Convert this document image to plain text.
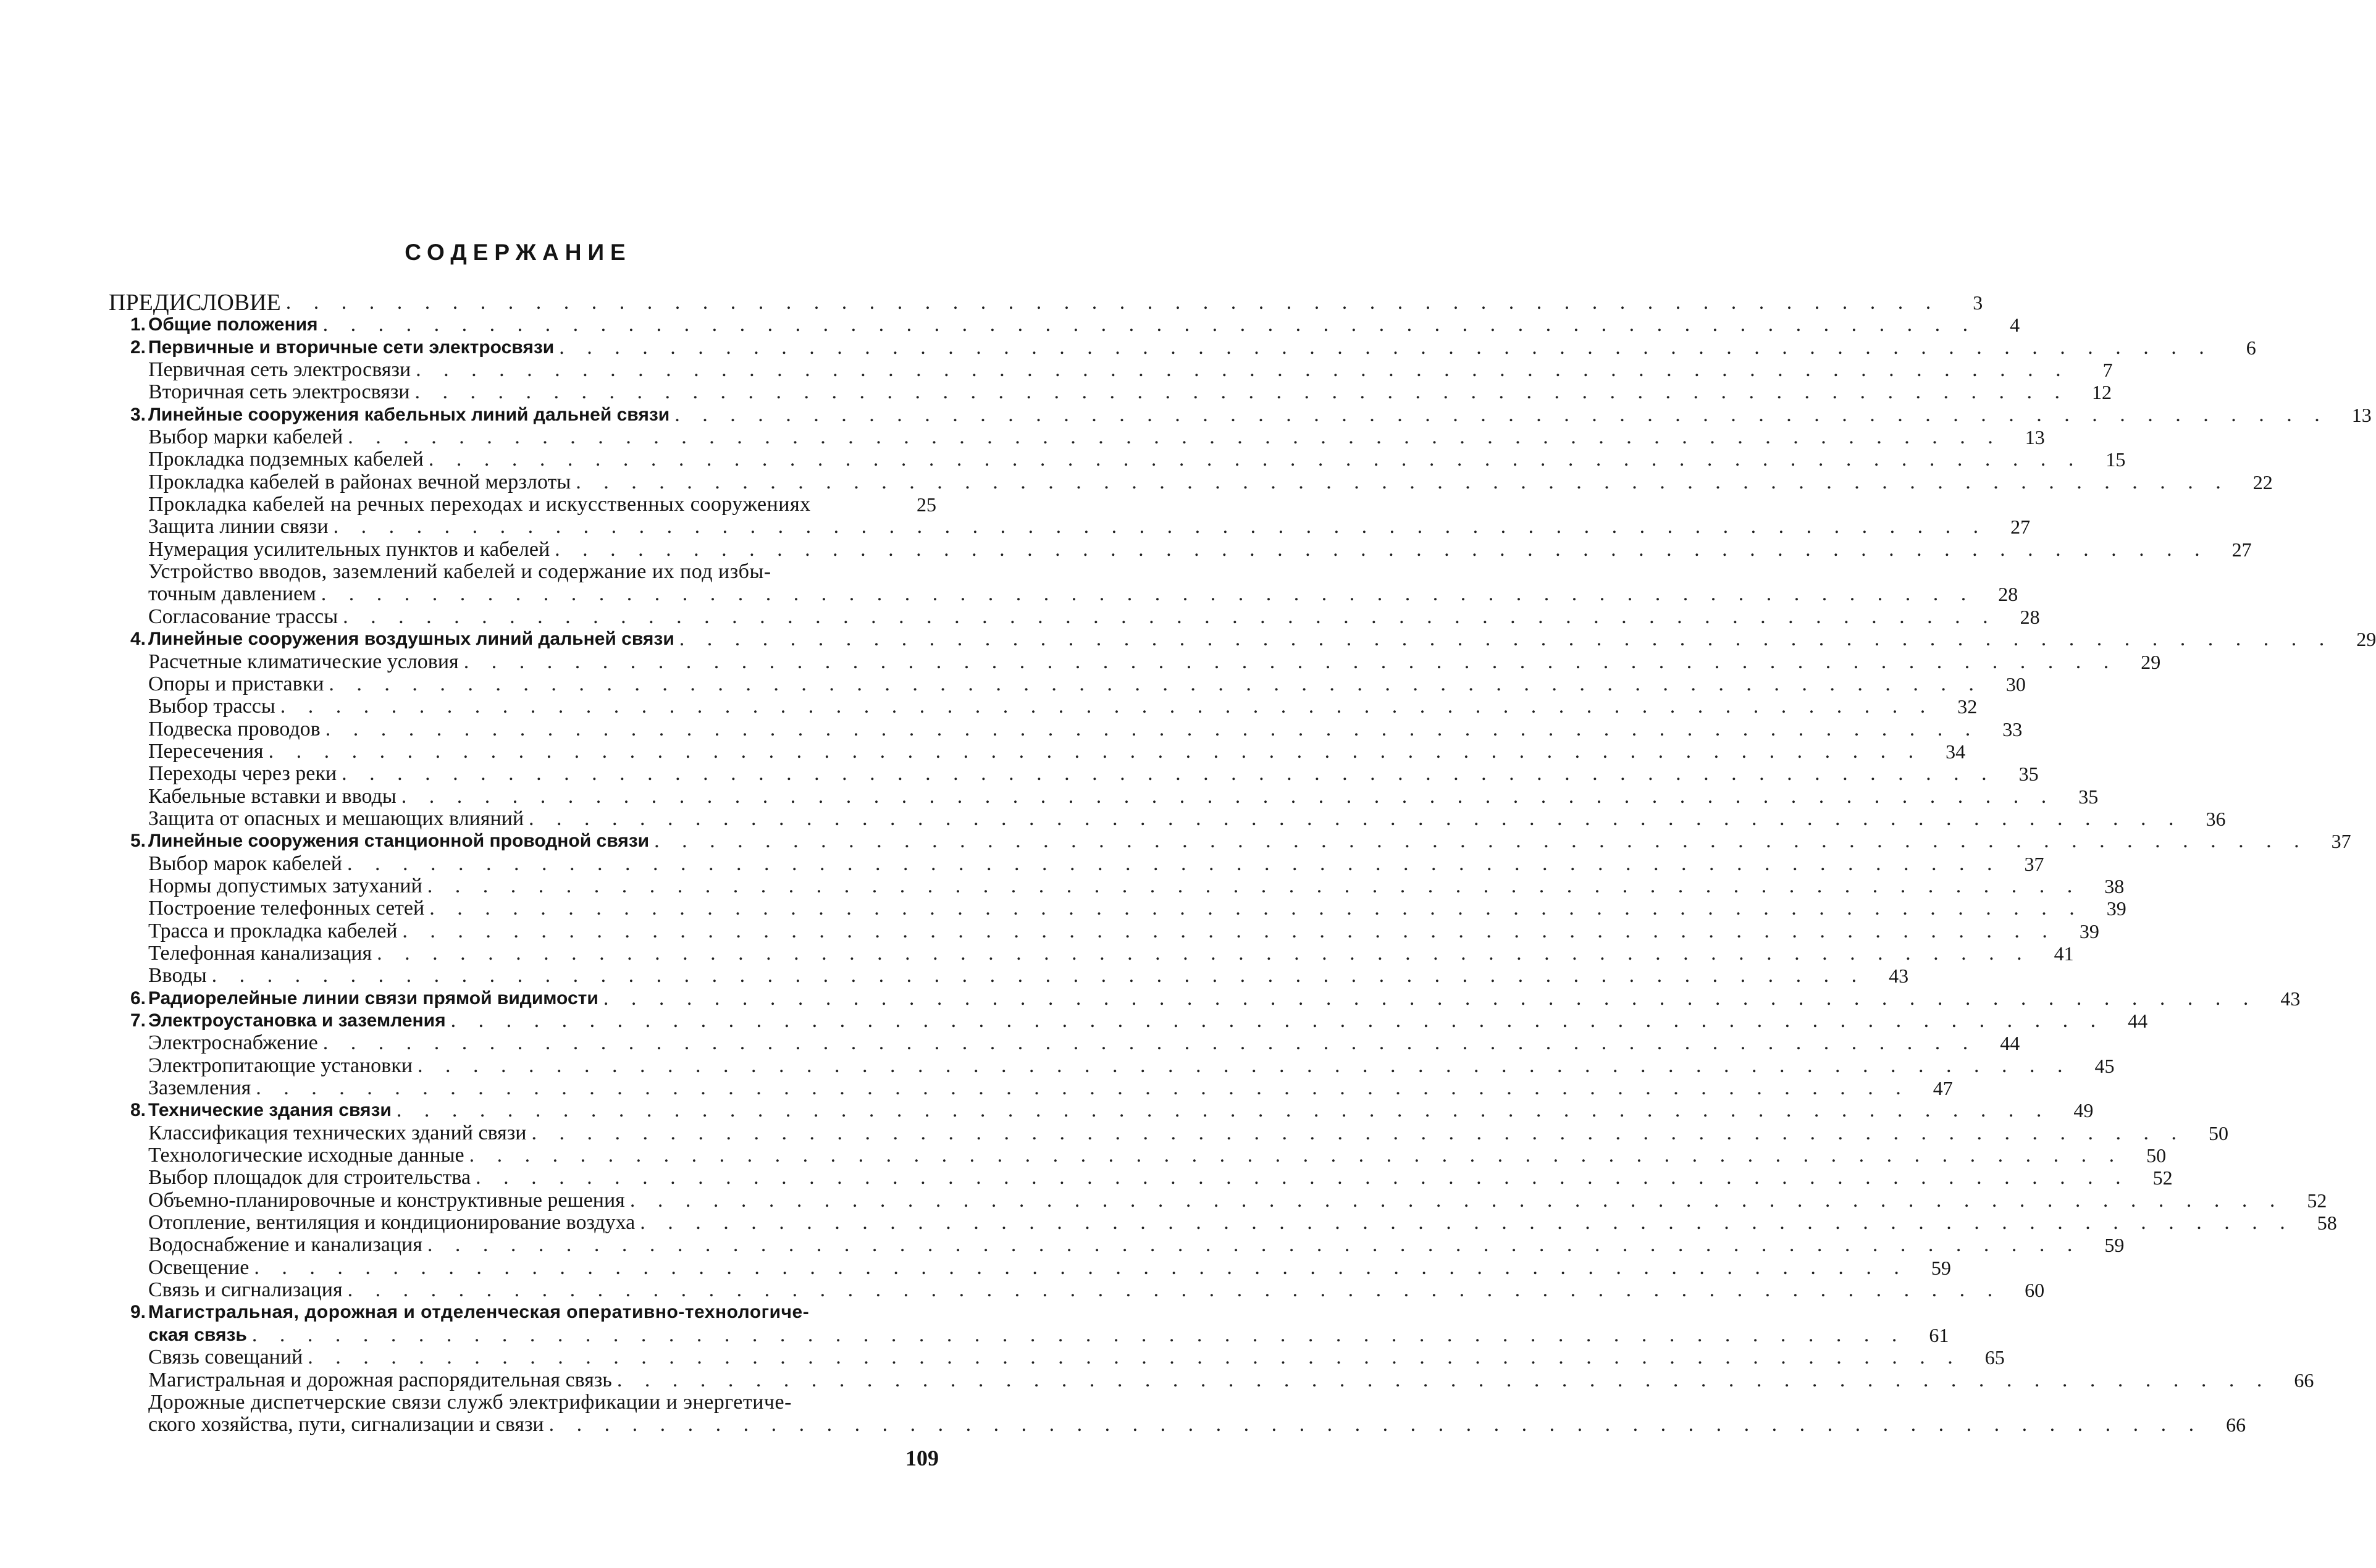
СОДЕРЖАНИЕ
ПРЕДИСЛОВИЕ . . . . . . . . . . . . . . . . . . . . . . . . . . . . . . . . . . . . . . . . . . . . . . . . . . . . . . . . . . . .	3
1. Общие положения . . . . . . . . . . . . . . . . . . . . . . . . . . . . . . . . . . . . . . . . . . . . . . . . . . . . . . . . . . . .	4
2. Первичные и вторичные сети электросвязи . . . . . . . . . . . . . . . . . . . . . . . . . . . . . . . . . . . . . . . . . . . . . . . . . . . . . . . . . . . .	6
Первичная сеть электросвязи . . . . . . . . . . . . . . . . . . . . . . . . . . . . . . . . . . . . . . . . . . . . . . . . . . . . . . . . . . . .	7
Вторичная сеть электросвязи . . . . . . . . . . . . . . . . . . . . . . . . . . . . . . . . . . . . . . . . . . . . . . . . . . . . . . . . . . . .	12
3. Линейные сооружения кабельных линий дальней связи . . . . . . . . . . . . . . . . . . . . . . . . . . . . . . . . . . . . . . . . . . . . . . . . . . . . . . . . . . . .	13
Выбор марки кабелей . . . . . . . . . . . . . . . . . . . . . . . . . . . . . . . . . . . . . . . . . . . . . . . . . . . . . . . . . . . .	13
Прокладка подземных кабелей . . . . . . . . . . . . . . . . . . . . . . . . . . . . . . . . . . . . . . . . . . . . . . . . . . . . . . . . . . . .	15
Прокладка кабелей в районах вечной мерзлоты . . . . . . . . . . . . . . . . . . . . . . . . . . . . . . . . . . . . . . . . . . . . . . . . . . . . . . . . . . . .	22
Прокладка кабелей на речных переходах и искусственных сооружениях	25
Защита линии связи . . . . . . . . . . . . . . . . . . . . . . . . . . . . . . . . . . . . . . . . . . . . . . . . . . . . . . . . . . . .	27
Нумерация усилительных пунктов и кабелей . . . . . . . . . . . . . . . . . . . . . . . . . . . . . . . . . . . . . . . . . . . . . . . . . . . . . . . . . . . .	27
Устройство вводов, заземлений кабелей и содержание их под избы-
точным давлением . . . . . . . . . . . . . . . . . . . . . . . . . . . . . . . . . . . . . . . . . . . . . . . . . . . . . . . . . . . .	28
Согласование трассы . . . . . . . . . . . . . . . . . . . . . . . . . . . . . . . . . . . . . . . . . . . . . . . . . . . . . . . . . . . .	28
4. Линейные сооружения воздушных линий дальней связи . . . . . . . . . . . . . . . . . . . . . . . . . . . . . . . . . . . . . . . . . . . . . . . . . . . . . . . . . . . .	29
Расчетные климатические условия . . . . . . . . . . . . . . . . . . . . . . . . . . . . . . . . . . . . . . . . . . . . . . . . . . . . . . . . . . . .	29
Опоры и приставки . . . . . . . . . . . . . . . . . . . . . . . . . . . . . . . . . . . . . . . . . . . . . . . . . . . . . . . . . . . .	30
Выбор трассы . . . . . . . . . . . . . . . . . . . . . . . . . . . . . . . . . . . . . . . . . . . . . . . . . . . . . . . . . . . .	32
Подвеска проводов . . . . . . . . . . . . . . . . . . . . . . . . . . . . . . . . . . . . . . . . . . . . . . . . . . . . . . . . . . . .	33
Пересечения . . . . . . . . . . . . . . . . . . . . . . . . . . . . . . . . . . . . . . . . . . . . . . . . . . . . . . . . . . . .	34
Переходы через реки . . . . . . . . . . . . . . . . . . . . . . . . . . . . . . . . . . . . . . . . . . . . . . . . . . . . . . . . . . . .	35
Кабельные вставки и вводы . . . . . . . . . . . . . . . . . . . . . . . . . . . . . . . . . . . . . . . . . . . . . . . . . . . . . . . . . . . .	35
Защита от опасных и мешающих влияний . . . . . . . . . . . . . . . . . . . . . . . . . . . . . . . . . . . . . . . . . . . . . . . . . . . . . . . . . . . .	36
5. Линейные сооружения станционной проводной связи . . . . . . . . . . . . . . . . . . . . . . . . . . . . . . . . . . . . . . . . . . . . . . . . . . . . . . . . . . . .	37
Выбор марок кабелей . . . . . . . . . . . . . . . . . . . . . . . . . . . . . . . . . . . . . . . . . . . . . . . . . . . . . . . . . . . .	37
Нормы допустимых затуханий . . . . . . . . . . . . . . . . . . . . . . . . . . . . . . . . . . . . . . . . . . . . . . . . . . . . . . . . . . . .	38
Построение телефонных сетей . . . . . . . . . . . . . . . . . . . . . . . . . . . . . . . . . . . . . . . . . . . . . . . . . . . . . . . . . . . .	39
Трасса и прокладка кабелей . . . . . . . . . . . . . . . . . . . . . . . . . . . . . . . . . . . . . . . . . . . . . . . . . . . . . . . . . . . .	39
Телефонная канализация . . . . . . . . . . . . . . . . . . . . . . . . . . . . . . . . . . . . . . . . . . . . . . . . . . . . . . . . . . . .	41
Вводы . . . . . . . . . . . . . . . . . . . . . . . . . . . . . . . . . . . . . . . . . . . . . . . . . . . . . . . . . . . .	43
6. Радиорелейные линии связи прямой видимости . . . . . . . . . . . . . . . . . . . . . . . . . . . . . . . . . . . . . . . . . . . . . . . . . . . . . . . . . . . .	43
7. Электроустановка и заземления . . . . . . . . . . . . . . . . . . . . . . . . . . . . . . . . . . . . . . . . . . . . . . . . . . . . . . . . . . . .	44
Электроснабжение . . . . . . . . . . . . . . . . . . . . . . . . . . . . . . . . . . . . . . . . . . . . . . . . . . . . . . . . . . . .	44
Электропитающие установки . . . . . . . . . . . . . . . . . . . . . . . . . . . . . . . . . . . . . . . . . . . . . . . . . . . . . . . . . . . .	45
Заземления . . . . . . . . . . . . . . . . . . . . . . . . . . . . . . . . . . . . . . . . . . . . . . . . . . . . . . . . . . . .	47
8. Технические здания связи . . . . . . . . . . . . . . . . . . . . . . . . . . . . . . . . . . . . . . . . . . . . . . . . . . . . . . . . . . . .	49
Классификация технических зданий связи . . . . . . . . . . . . . . . . . . . . . . . . . . . . . . . . . . . . . . . . . . . . . . . . . . . . . . . . . . . .	50
Технологические исходные данные . . . . . . . . . . . . . . . . . . . . . . . . . . . . . . . . . . . . . . . . . . . . . . . . . . . . . . . . . . . .	50
Выбор площадок для строительства . . . . . . . . . . . . . . . . . . . . . . . . . . . . . . . . . . . . . . . . . . . . . . . . . . . . . . . . . . . .	52
Объемно-планировочные и конструктивные решения . . . . . . . . . . . . . . . . . . . . . . . . . . . . . . . . . . . . . . . . . . . . . . . . . . . . . . . . . . . .	52
Отопление, вентиляция и кондиционирование воздуха . . . . . . . . . . . . . . . . . . . . . . . . . . . . . . . . . . . . . . . . . . . . . . . . . . . . . . . . . . . .	58
Водоснабжение и канализация . . . . . . . . . . . . . . . . . . . . . . . . . . . . . . . . . . . . . . . . . . . . . . . . . . . . . . . . . . . .	59
Освещение . . . . . . . . . . . . . . . . . . . . . . . . . . . . . . . . . . . . . . . . . . . . . . . . . . . . . . . . . . . .	59
Связь и сигнализация . . . . . . . . . . . . . . . . . . . . . . . . . . . . . . . . . . . . . . . . . . . . . . . . . . . . . . . . . . . .	60
9. Магистральная, дорожная и отделенческая оперативно-технологиче-
ская связь . . . . . . . . . . . . . . . . . . . . . . . . . . . . . . . . . . . . . . . . . . . . . . . . . . . . . . . . . . . .	61
Связь совещаний . . . . . . . . . . . . . . . . . . . . . . . . . . . . . . . . . . . . . . . . . . . . . . . . . . . . . . . . . . . .	65
Магистральная и дорожная распорядительная связь . . . . . . . . . . . . . . . . . . . . . . . . . . . . . . . . . . . . . . . . . . . . . . . . . . . . . . . . . . . .	66
Дорожные диспетчерские связи служб электрификации и энергетиче-
ского хозяйства, пути, сигнализации и связи . . . . . . . . . . . . . . . . . . . . . . . . . . . . . . . . . . . . . . . . . . . . . . . . . . . . . . . . . . . .	66
109
